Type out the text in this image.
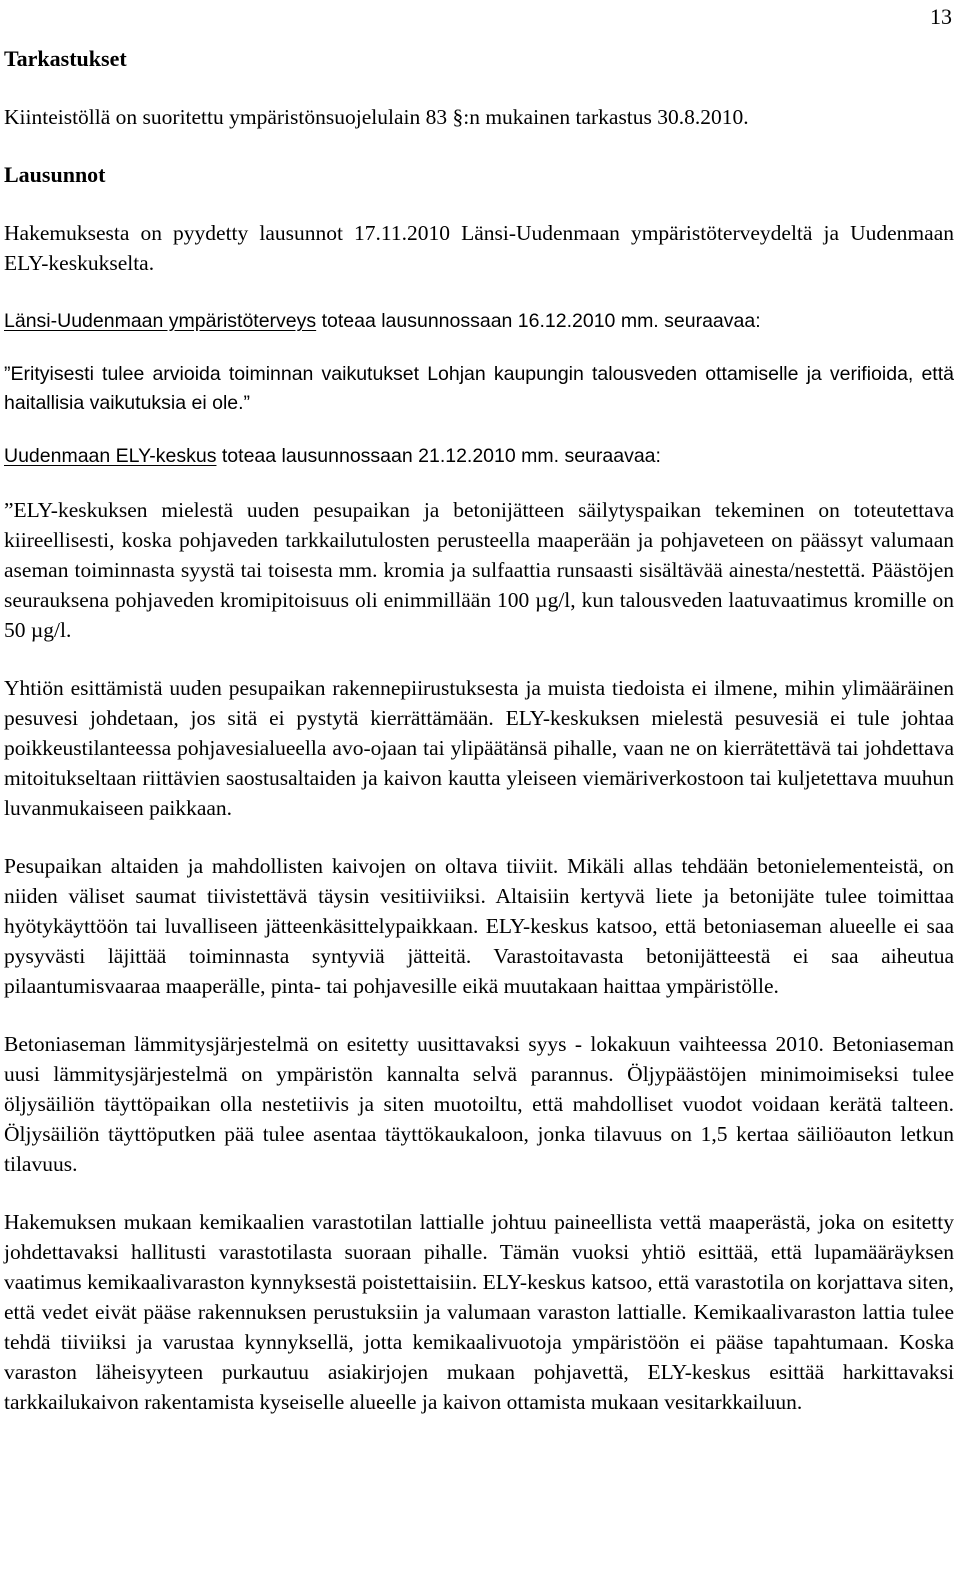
13
Tarkastukset

Kiinteistöllä on suoritettu ympäristönsuojelulain 83 §:n mukainen tarkastus 30.8.2010.

Lausunnot

Hakemuksesta on pyydetty lausunnot 17.11.2010 Länsi-Uudenmaan ympäristöterveydeltä ja Uudenmaan ELY-keskukselta.

Länsi-Uudenmaan ympäristöterveys toteaa lausunnossaan 16.12.2010 mm. seuraavaa:

”Erityisesti tulee arvioida toiminnan vaikutukset Lohjan kaupungin talousveden ottamiselle ja verifioida, että haitallisia vaikutuksia ei ole.”

Uudenmaan ELY-keskus toteaa lausunnossaan 21.12.2010 mm. seuraavaa:

”ELY-keskuksen mielestä uuden pesupaikan ja betonijätteen säilytyspaikan tekeminen on toteutettava kiireellisesti, koska pohjaveden tarkkailutulosten perusteella maaperään ja pohjaveteen on päässyt valumaan aseman toiminnasta syystä tai toisesta mm. kromia ja sulfaattia runsaasti sisältävää ainesta/nestettä. Päästöjen seurauksena pohjaveden kromipitoisuus oli enimmillään 100 µg/l, kun talousveden laatuvaatimus kromille on 50 µg/l.

Yhtiön esittämistä uuden pesupaikan rakennepiirustuksesta ja muista tiedoista ei ilmene, mihin ylimääräinen pesuvesi johdetaan, jos sitä ei pystytä kierrättämään. ELY-keskuksen mielestä pesuvesiä ei tule johtaa poikkeustilanteessa pohjavesialueella avo-ojaan tai ylipäätänsä pihalle, vaan ne on kierrätettävä tai johdettava mitoitukseltaan riittävien saostusaltaiden ja kaivon kautta yleiseen viemäriverkostoon tai kuljetettava muuhun luvanmukaiseen paikkaan.

Pesupaikan altaiden ja mahdollisten kaivojen on oltava tiiviit. Mikäli allas tehdään betonielementeistä, on niiden väliset saumat tiivistettävä täysin vesitiiviiksi. Altaisiin kertyvä liete ja betonijäte tulee toimittaa hyötykäyttöön tai luvalliseen jätteenkäsittelypaikkaan. ELY-keskus katsoo, että betoniaseman alueelle ei saa pysyvästi läjittää toiminnasta syntyviä jätteitä. Varastoitavasta betonijätteestä ei saa aiheutua pilaantumisvaaraa maaperälle, pinta- tai pohjavesille eikä muutakaan haittaa ympäristölle.

Betoniaseman lämmitysjärjestelmä on esitetty uusittavaksi syys - lokakuun vaihteessa 2010. Betoniaseman uusi lämmitysjärjestelmä on ympäristön kannalta selvä parannus. Öljypäästöjen minimoimiseksi tulee öljysäiliön täyttöpaikan olla nestetiivis ja siten muotoiltu, että mahdolliset vuodot voidaan kerätä talteen. Öljysäiliön täyttöputken pää tulee asentaa täyttökaukaloon, jonka tilavuus on 1,5 kertaa säiliöauton letkun tilavuus.

Hakemuksen mukaan kemikaalien varastotilan lattialle johtuu paineellista vettä maaperästä, joka on esitetty johdettavaksi hallitusti varastotilasta suoraan pihalle. Tämän vuoksi yhtiö esittää, että lupamääräyksen vaatimus kemikaalivaraston kynnyksestä poistettaisiin. ELY-keskus katsoo, että varastotila on korjattava siten, että vedet eivät pääse rakennuksen perustuksiin ja valumaan varaston lattialle. Kemikaalivaraston lattia tulee tehdä tiiviiksi ja varustaa kynnyksellä, jotta kemikaalivuotoja ympäristöön ei pääse tapahtumaan. Koska varaston läheisyyteen purkautuu asiakirjojen mukaan pohjavettä, ELY-keskus esittää harkittavaksi tarkkailukaivon rakentamista kyseiselle alueelle ja kaivon ottamista mukaan vesitarkkailuun.
